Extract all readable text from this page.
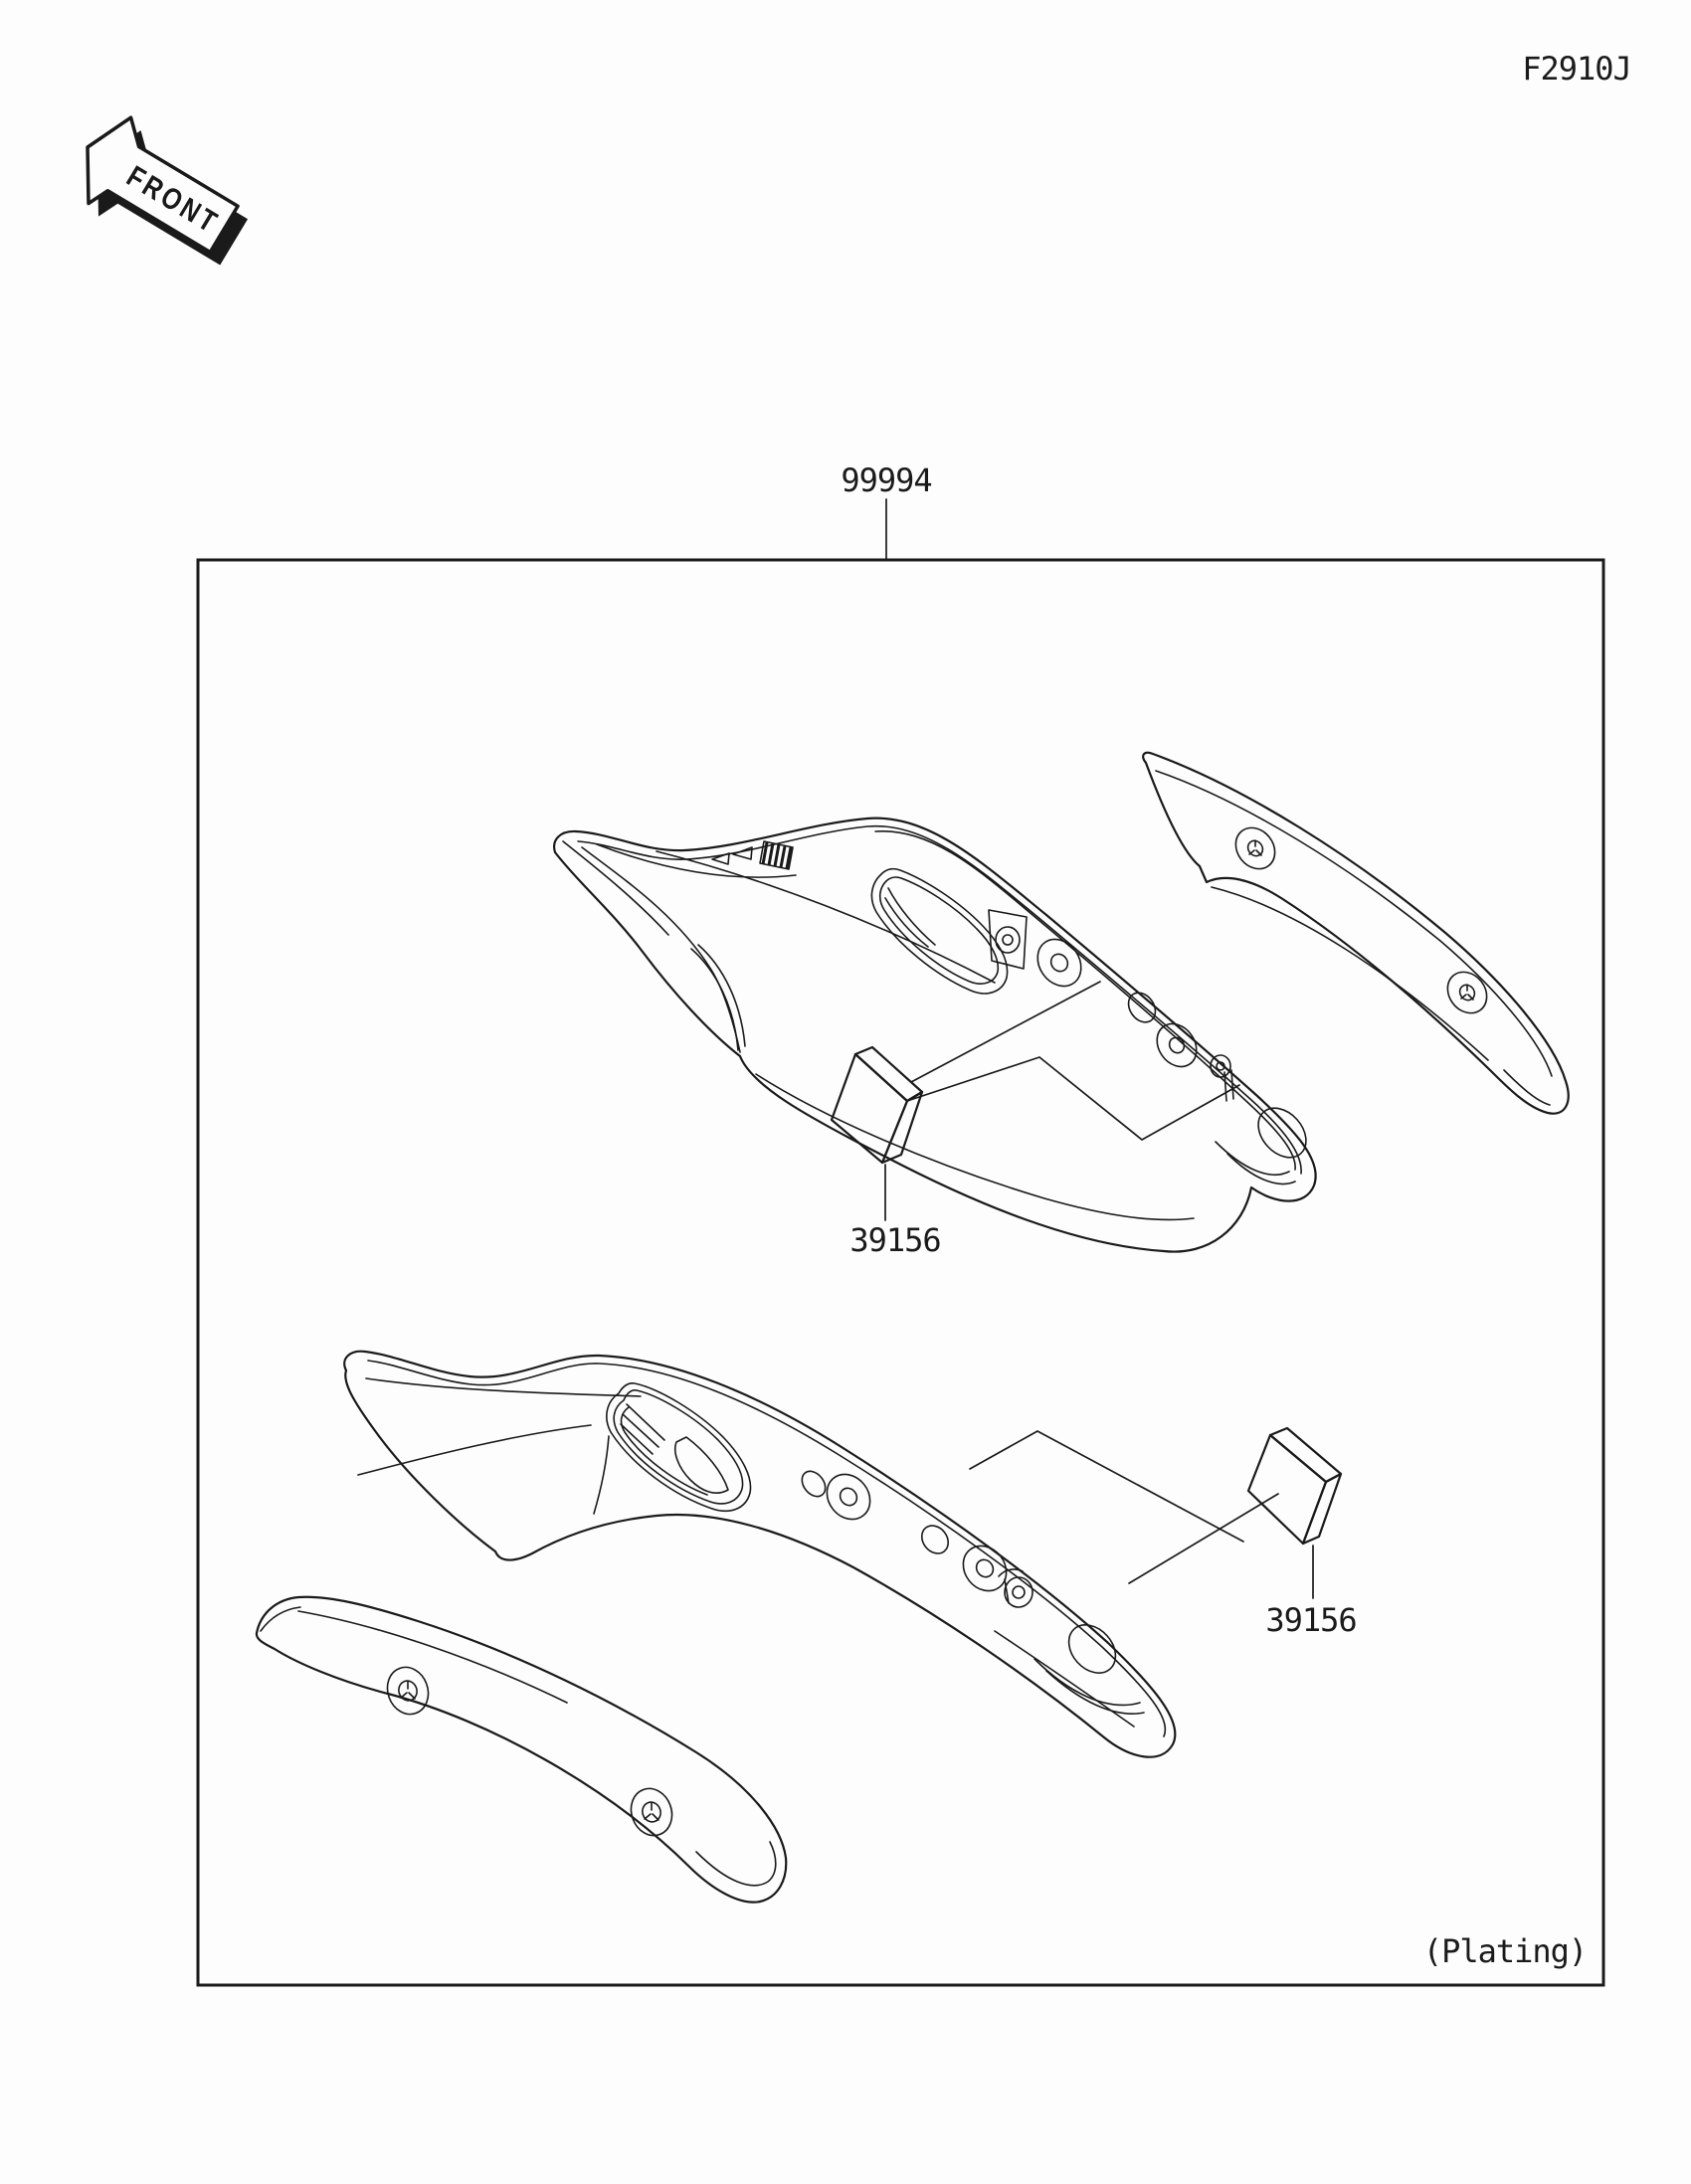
F2910J
FRONT
99994
39156
39156
(Plating)
